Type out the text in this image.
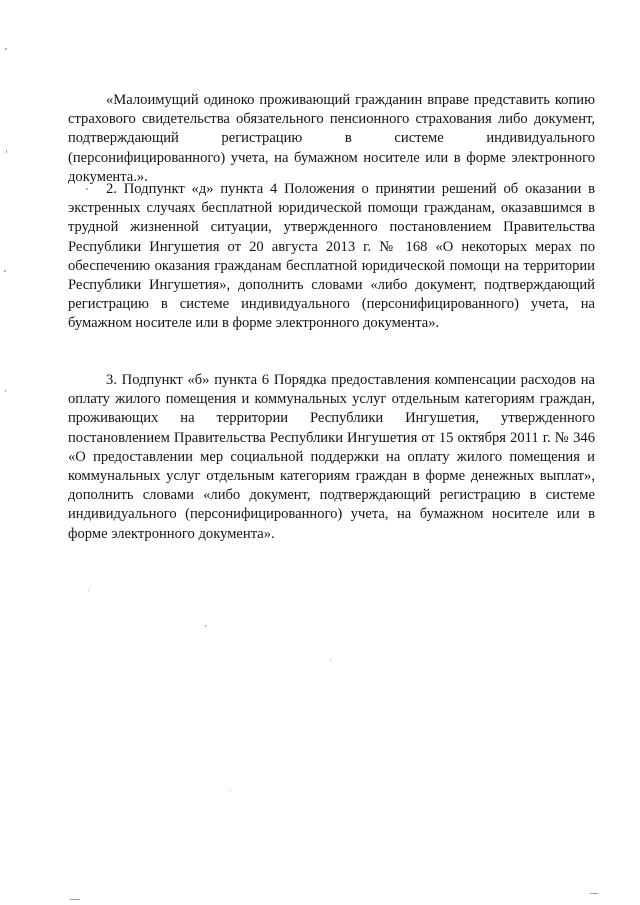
«Малоимущий одиноко проживающий гражданин вправе представить копию страхового свидетельства обязательного пенсионного страхования либо документ, подтверждающий регистрацию в системе индивидуального (персонифицированного) учета, на бумажном носителе или в форме электронного документа.».

2. Подпункт «д» пункта 4 Положения о принятии решений об оказании в экстренных случаях бесплатной юридической помощи гражданам, оказавшимся в трудной жизненной ситуации, утвержденного постановлением Правительства Республики Ингушетия от 20 августа 2013 г. № 168 «О некоторых мерах по обеспечению оказания гражданам бесплатной юридической помощи на территории Республики Ингушетия», дополнить словами «либо документ, подтверждающий регистрацию в системе индивидуального (персонифицированного) учета, на бумажном носителе или в форме электронного документа».

3. Подпункт «б» пункта 6 Порядка предоставления компенсации расходов на оплату жилого помещения и коммунальных услуг отдельным категориям граждан, проживающих на территории Республики Ингушетия, утвержденного постановлением Правительства Республики Ингушетия от 15 октября 2011 г. № 346 «О предоставлении мер социальной поддержки на оплату жилого помещения и коммунальных услуг отдельным категориям граждан в форме денежных выплат», дополнить словами «либо документ, подтверждающий регистрацию в системе индивидуального (персонифицированного) учета, на бумажном носителе или в форме электронного документа».
